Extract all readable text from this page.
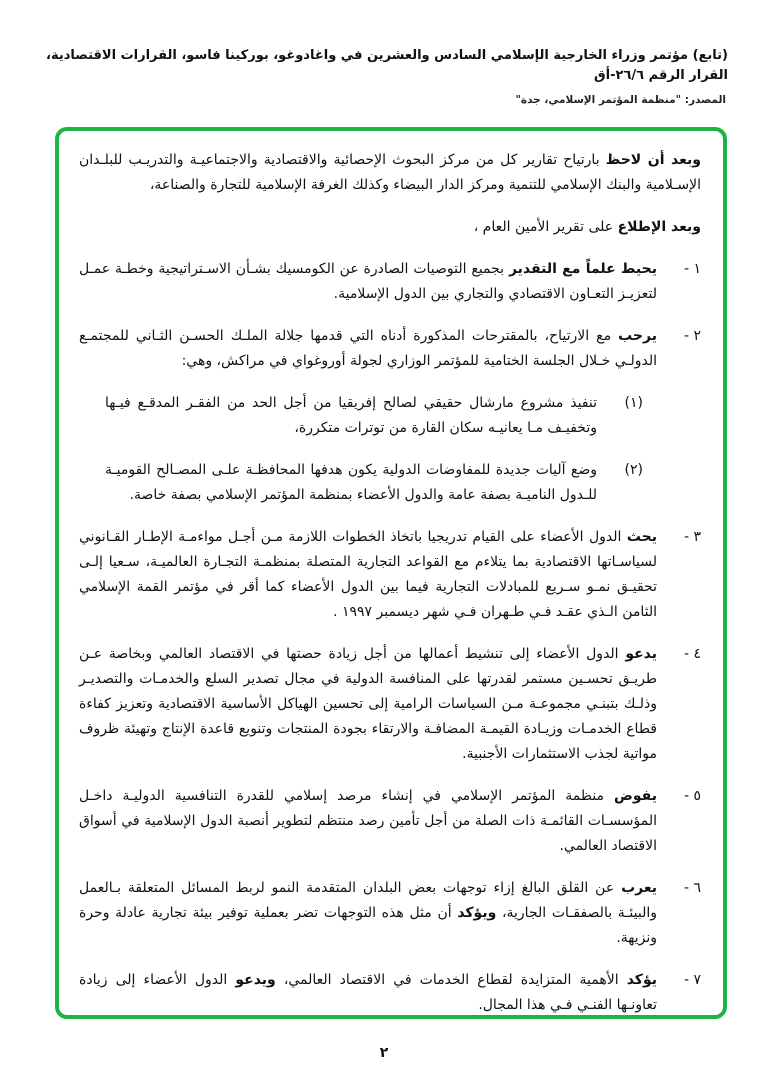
(تابع) مؤتمر وزراء الخارجية الإسلامي السادس والعشرين في واغادوغو، بوركينا فاسو، القرارات الاقتصادية، القرار الرقم ٢٦/٦-أق
المصدر: "منظمة المؤتمر الإسلامي، جدة"

وبعد أن لاحظ بارتياح تقارير كل من مركز البحوث الإحصائية والاقتصادية والاجتماعيـة والتدريـب للبلـدان الإسـلامية والبنك الإسلامي للتنمية ومركز الدار البيضاء وكذلك الغرفة الإسلامية للتجارة والصناعة،

وبعد الإطلاع على تقرير الأمين العام ،

١ -
يحيط علماً مع التقدير بجميع التوصيات الصادرة عن الكومسيك بشـأن الاسـتراتيجية وخطـة عمـل لتعزيـز التعـاون الاقتصادي والتجاري بين الدول الإسلامية.
٢ -
يرحب مع الارتياح، بالمقترحات المذكورة أدناه التي قدمها جلالة الملـك الحسـن الثـاني للمجتمـع الدولـي خـلال الجلسة الختامية للمؤتمر الوزاري لجولة أوروغواي في مراكش، وهي:
(١)
تنفيذ مشروع مارشال حقيقي لصالح إفريقيا من أجل الحد من الفقـر المدقـع فيـها وتخفيـف مـا يعانيـه سكان القارة من توترات متكررة،
(٢)
وضع آليات جديدة للمفاوضات الدولية يكون هدفها المحافظـة علـى المصـالح القوميـة للـدول الناميـة بصفة عامة والدول الأعضاء بمنظمة المؤتمر الإسلامي بصفة خاصة.
٣ -
يحث الدول الأعضاء على القيام تدريجيا باتخاذ الخطوات اللازمة مـن أجـل مواءمـة الإطـار القـانوني لسياسـاتها الاقتصادية بما يتلاءم مع القواعد التجارية المتصلة بمنظمـة التجـارة العالميـة، سـعيا إلـى تحقيـق نمـو سـريع للمبادلات التجارية فيما بين الدول الأعضاء كما أقر في مؤتمر القمة الإسلامي الثامن الـذي عقـد فـي طـهران فـي شهر ديسمبر ١٩٩٧ .
٤ -
يدعو الدول الأعضاء إلى تنشيط أعمالها من أجل زيادة حصتها في الاقتصاد العالمي وبخاصة عـن طريـق تحسـين مستمر لقدرتها على المنافسة الدولية في مجال تصدير السلع والخدمـات والتصديـر وذلـك بتبنـي مجموعـة مـن السياسات الرامية إلى تحسين الهياكل الأساسية الاقتصادية وتعزيز كفاءة قطاع الخدمـات وزيـادة القيمـة المضافـة والارتقاء بجودة المنتجات وتنويع قاعدة الإنتاج وتهيئة ظروف مواتية لجذب الاستثمارات الأجنبية.
٥ -
يفوض منظمة المؤتمر الإسلامي في إنشاء مرصد إسلامي للقدرة التنافسية الدوليـة داخـل المؤسسـات القائمـة ذات الصلة من أجل تأمين رصد منتظم لتطوير أنصبة الدول الإسلامية في أسواق الاقتصاد العالمي.
٦ -
يعرب عن القلق البالغ إزاء توجهات بعض البلدان المتقدمة النمو لربط المسائل المتعلقة بـالعمل والبيئـة بالصفقـات الجارية، ويؤكد أن مثل هذه التوجهات تضر بعملية توفير بيئة تجارية عادلة وحرة ونزيهة.
٧ -
يؤكد الأهمية المتزايدة لقطاع الخدمات في الاقتصاد العالمي، ويدعو الدول الأعضاء إلى زيادة تعاونـها الفنـي فـي هذا المجال.
٢
